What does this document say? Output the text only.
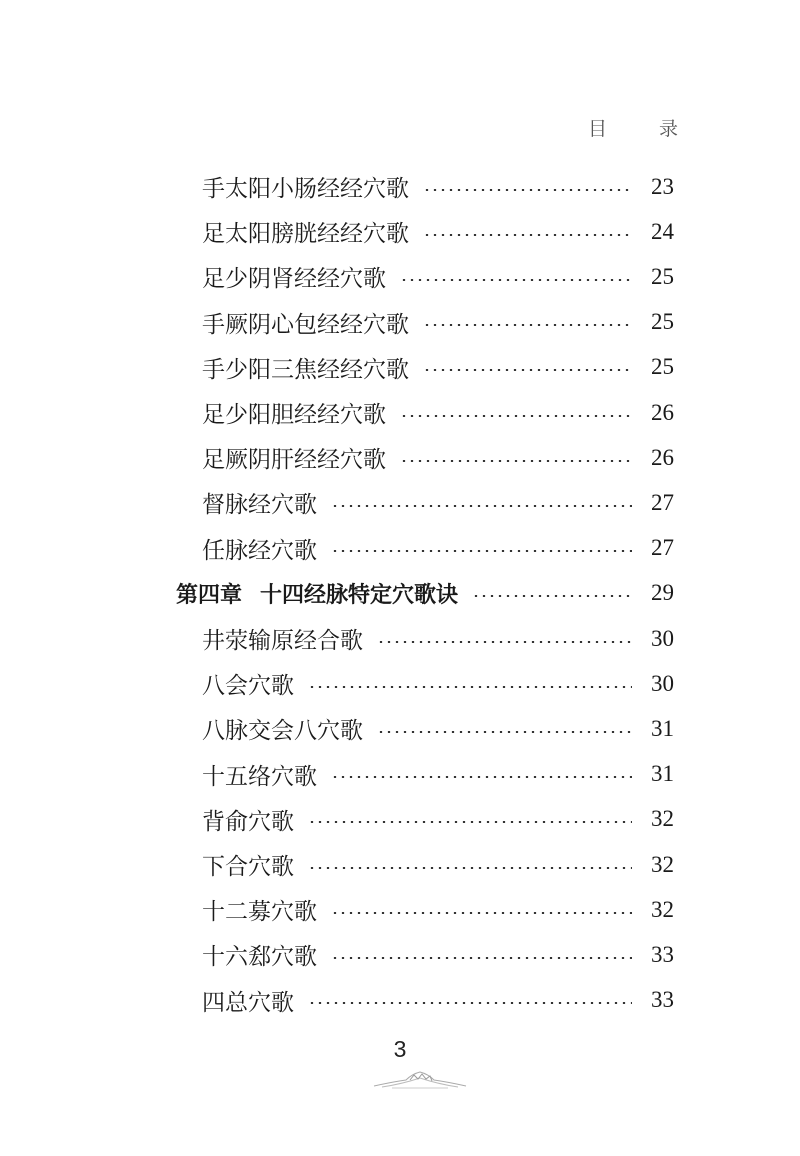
目	录
手太阳小肠经经穴歌	23
足太阳膀胱经经穴歌	24
足少阴肾经经穴歌	25
手厥阴心包经经穴歌	25
手少阳三焦经经穴歌	25
足少阳胆经经穴歌	26
足厥阴肝经经穴歌	26
督脉经穴歌	27
任脉经穴歌	27
第四章 十四经脉特定穴歌诀	29
井荥输原经合歌	30
八会穴歌	30
八脉交会八穴歌	31
十五络穴歌	31
背俞穴歌	32
下合穴歌	32
十二募穴歌	32
十六郄穴歌	33
四总穴歌	33
3
